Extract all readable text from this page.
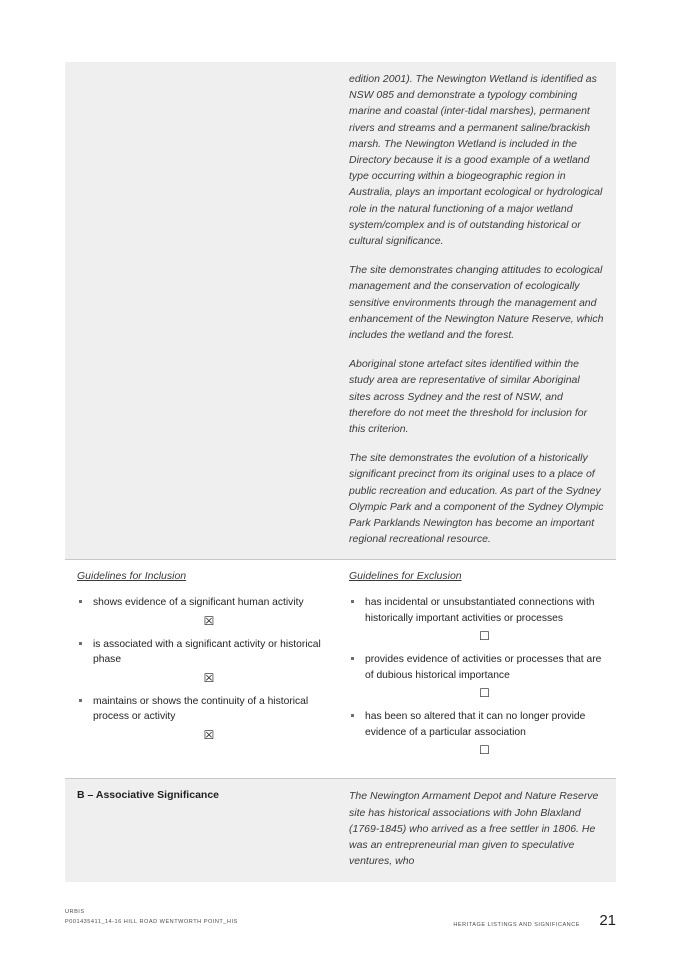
	edition 2001). The Newington Wetland is identified as NSW 085 and demonstrate a typology combining marine and coastal (inter-tidal marshes), permanent rivers and streams and a permanent saline/brackish marsh. The Newington Wetland is included in the Directory because it is a good example of a wetland type occurring within a biogeographic region in Australia, plays an important ecological or hydrological role in the natural functioning of a major wetland system/complex and is of outstanding historical or cultural significance.

The site demonstrates changing attitudes to ecological management and the conservation of ecologically sensitive environments through the management and enhancement of the Newington Nature Reserve, which includes the wetland and the forest.

Aboriginal stone artefact sites identified within the study area are representative of similar Aboriginal sites across Sydney and the rest of NSW, and therefore do not meet the threshold for inclusion for this criterion.

The site demonstrates the evolution of a historically significant precinct from its original uses to a place of public recreation and education. As part of the Sydney Olympic Park and a component of the Sydney Olympic Park Parklands Newington has become an important regional recreational resource.

Guidelines for Inclusion
shows evidence of a significant human activity
☒
is associated with a significant activity or historical phase
☒
maintains or shows the continuity of a historical process or activity
☒

Guidelines for Exclusion
has incidental or unsubstantiated connections with historically important activities or processes
☐
provides evidence of activities or processes that are of dubious historical importance
☐
has been so altered that it can no longer provide evidence of a particular association
☐

B – Associative Significance	The Newington Armament Depot and Nature Reserve site has historical associations with John Blaxland (1769-1845) who arrived as a free settler in 1806. He was an entrepreneurial man given to speculative ventures, who

URBIS
P001435411_14-16 HILL ROAD WENTWORTH POINT_HIS
HERITAGE LISTINGS AND SIGNIFICANCE 21
